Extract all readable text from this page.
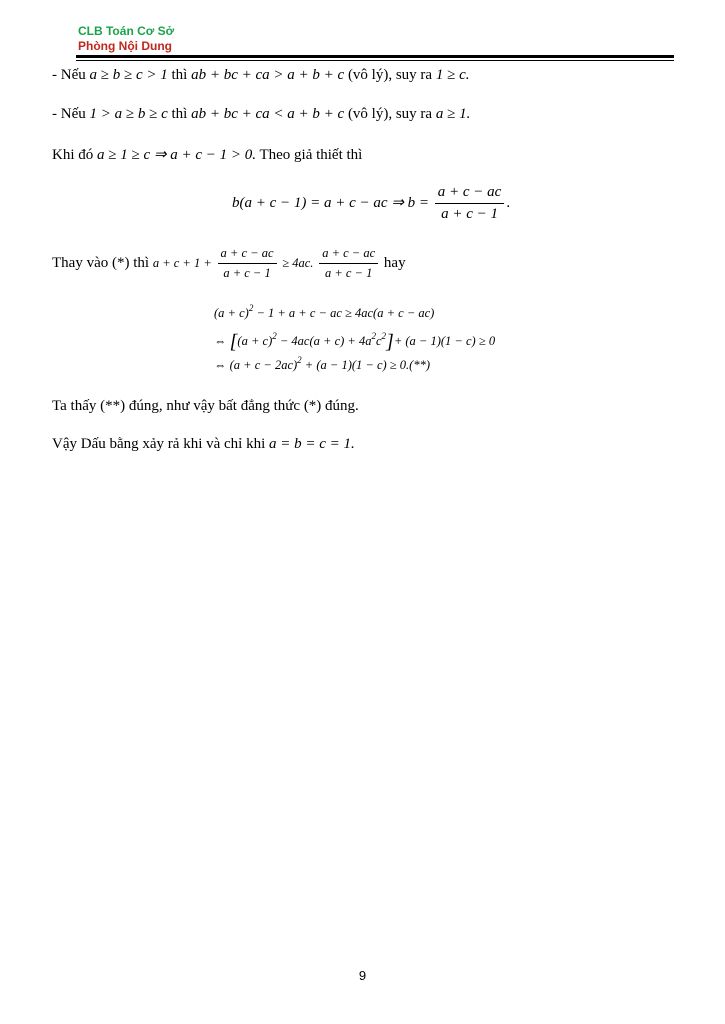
CLB Toán Cơ Sở
Phòng Nội Dung
- Nếu a ≥ b ≥ c > 1 thì ab + bc + ca > a + b + c (vô lý), suy ra 1 ≥ c.
- Nếu 1 > a ≥ b ≥ c thì ab + bc + ca < a + b + c (vô lý), suy ra a ≥ 1.
Khi đó a ≥ 1 ≥ c ⇒ a + c − 1 > 0. Theo giả thiết thì
b(a + c − 1) = a + c − ac ⇒ $b = \frac{a + c - ac}{a + c - 1}$ .
Thay vào (*) thì $a + c + 1 + \frac{a + c - ac}{a + c - 1} \ge 4ac$. $\frac{a + c - ac}{a + c - 1}$ hay
$(a + c)^2 - 1 + a + c$ − ac ≥ 4ac(a + c − ac)
⇔ $[(a + c)^2 - 4ac(a + c) + 4a^2c^2]+ (a - 1)(1 - c) \ge 0$
⇔ $(a + c - 2ac)^2 + (a - 1)(1 - c) \ge 0.(**)$
Ta thấy (**) đúng, như vậy bất đẳng thức (*) đúng.
Vậy Dấu bằng xảy rả khi và chỉ khi a = b = c = 1.
9
